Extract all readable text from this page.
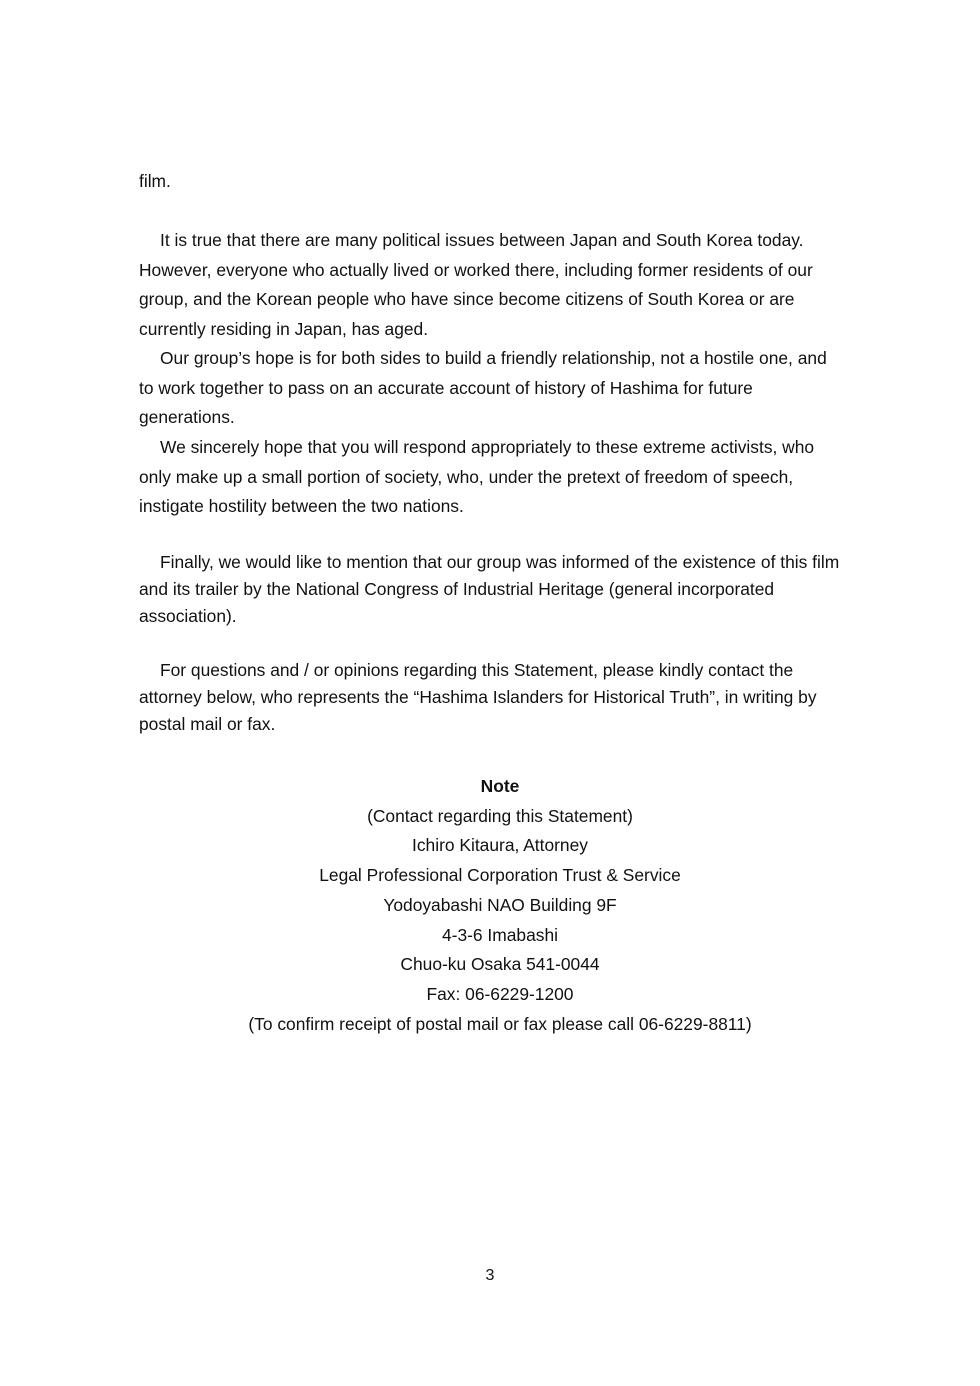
film.

It is true that there are many political issues between Japan and South Korea today. However, everyone who actually lived or worked there, including former residents of our group, and the Korean people who have since become citizens of South Korea or are currently residing in Japan, has aged.

Our group’s hope is for both sides to build a friendly relationship, not a hostile one, and to work together to pass on an accurate account of history of Hashima for future generations.

We sincerely hope that you will respond appropriately to these extreme activists, who only make up a small portion of society, who, under the pretext of freedom of speech, instigate hostility between the two nations.

Finally, we would like to mention that our group was informed of the existence of this film and its trailer by the National Congress of Industrial Heritage (general incorporated association).

For questions and / or opinions regarding this Statement, please kindly contact the attorney below, who represents the “Hashima Islanders for Historical Truth”, in writing by postal mail or fax.

Note
(Contact regarding this Statement)
Ichiro Kitaura, Attorney
Legal Professional Corporation Trust & Service
Yodoyabashi NAO Building 9F
4-3-6 Imabashi
Chuo-ku Osaka 541-0044
Fax: 06-6229-1200
(To confirm receipt of postal mail or fax please call 06-6229-8811)
3
